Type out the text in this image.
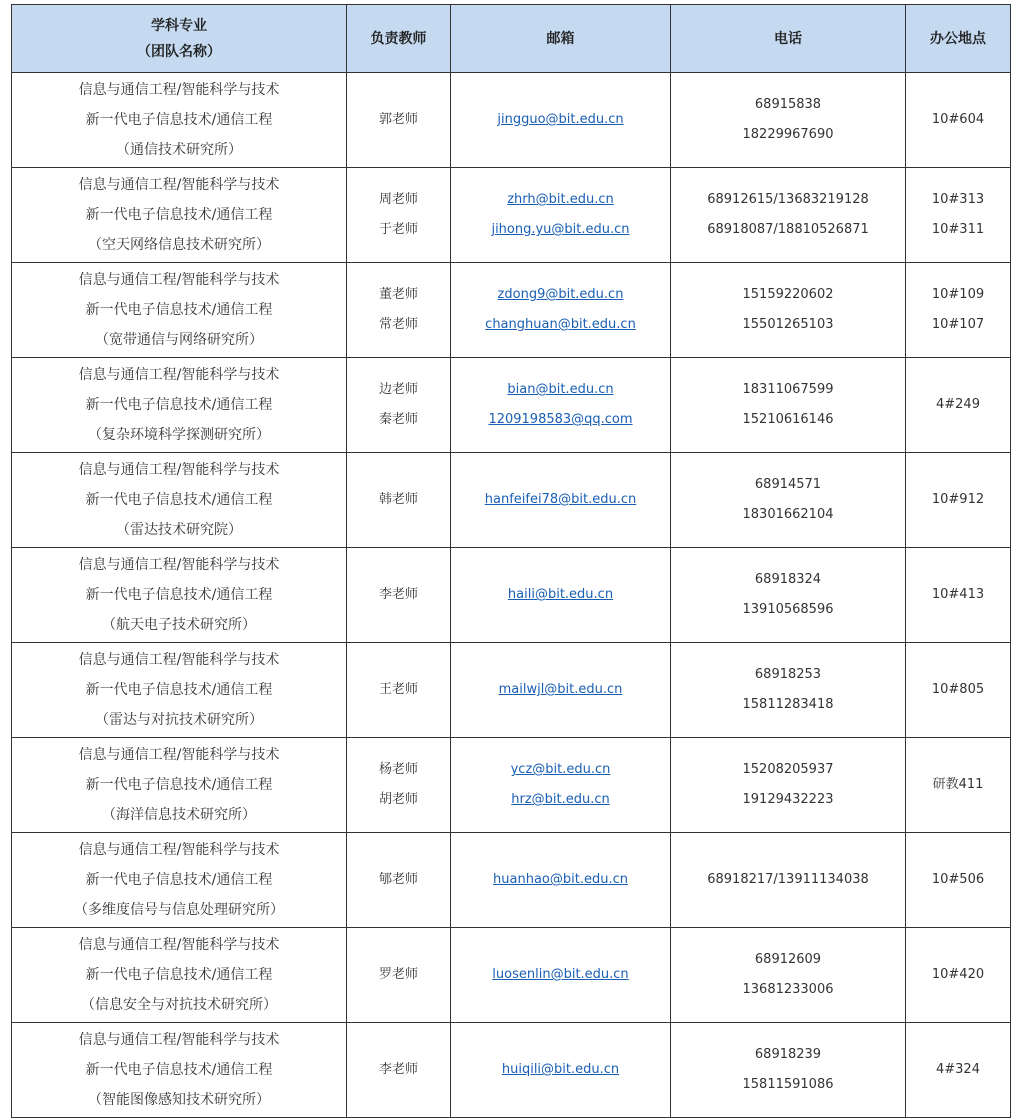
学科专业
（团队名称）	负责教师	邮箱	电话	办公地点

信息与通信工程/智能科学与技术
新一代电子信息技术/通信工程
（通信技术研究所）	郭老师	jingguo@bit.edu.cn	68915838
18229967690	10#604

信息与通信工程/智能科学与技术
新一代电子信息技术/通信工程
（空天网络信息技术研究所）	周老师
于老师	zhrh@bit.edu.cn
jihong.yu@bit.edu.cn	68912615/13683219128
68918087/18810526871	10#313
10#311

信息与通信工程/智能科学与技术
新一代电子信息技术/通信工程
（宽带通信与网络研究所）	董老师
常老师	zdong9@bit.edu.cn
changhuan@bit.edu.cn	15159220602
15501265103	10#109
10#107

信息与通信工程/智能科学与技术
新一代电子信息技术/通信工程
（复杂环境科学探测研究所）	边老师
秦老师	bian@bit.edu.cn
1209198583@qq.com	18311067599
15210616146	4#249

信息与通信工程/智能科学与技术
新一代电子信息技术/通信工程
（雷达技术研究院）	韩老师	hanfeifei78@bit.edu.cn	68914571
18301662104	10#912

信息与通信工程/智能科学与技术
新一代电子信息技术/通信工程
（航天电子技术研究所）	李老师	haili@bit.edu.cn	68918324
13910568596	10#413

信息与通信工程/智能科学与技术
新一代电子信息技术/通信工程
（雷达与对抗技术研究所）	王老师	mailwjl@bit.edu.cn	68918253
15811283418	10#805

信息与通信工程/智能科学与技术
新一代电子信息技术/通信工程
（海洋信息技术研究所）	杨老师
胡老师	ycz@bit.edu.cn
hrz@bit.edu.cn	15208205937
19129432223	研教411

信息与通信工程/智能科学与技术
新一代电子信息技术/通信工程
（多维度信号与信息处理研究所）	郇老师	huanhao@bit.edu.cn	68918217/13911134038	10#506

信息与通信工程/智能科学与技术
新一代电子信息技术/通信工程
（信息安全与对抗技术研究所）	罗老师	luosenlin@bit.edu.cn	68912609
13681233006	10#420

信息与通信工程/智能科学与技术
新一代电子信息技术/通信工程
（智能图像感知技术研究所）	李老师	huiqili@bit.edu.cn	68918239
15811591086	4#324
